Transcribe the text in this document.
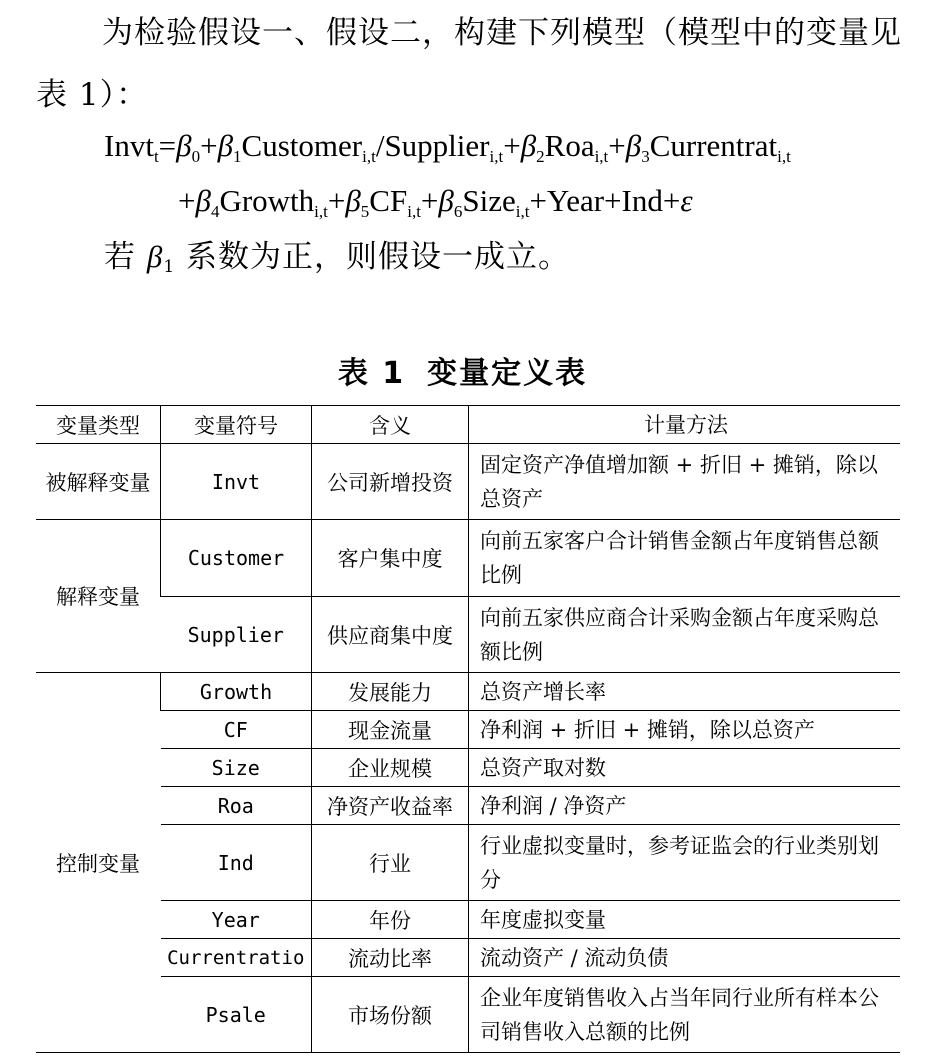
为检验假设一、假设二，构建下列模型（模型中的变量见表 1）：
$Invt_t=\beta_0+\beta_1Customer_{i,t}/Supplier_{i,t}+\beta_2Roa_{i,t}+\beta_3Currentrat_{i,t}$
$+\beta_4Growth_{i,t}+\beta_5CF_{i,t}+\beta_6Size_{i,t}+Year+Ind+\varepsilon$
若 $\beta_1$ 系数为正，则假设一成立。
表 1 变量定义表
变量类型	变量符号	含义	计量方法
被解释变量	Invt	公司新增投资	固定资产净值增加额 + 折旧 + 摊销，除以总资产
解释变量	Customer	客户集中度	向前五家客户合计销售金额占年度销售总额比例
	Supplier	供应商集中度	向前五家供应商合计采购金额占年度采购总额比例
控制变量	Growth	发展能力	总资产增长率
	CF	现金流量	净利润 + 折旧 + 摊销，除以总资产
	Size	企业规模	总资产取对数
	Roa	净资产收益率	净利润 / 净资产
	Ind	行业	行业虚拟变量时，参考证监会的行业类别划分
	Year	年份	年度虚拟变量
	Currentratio	流动比率	流动资产 / 流动负债
	Psale	市场份额	企业年度销售收入占当年同行业所有样本公司销售收入总额的比例
